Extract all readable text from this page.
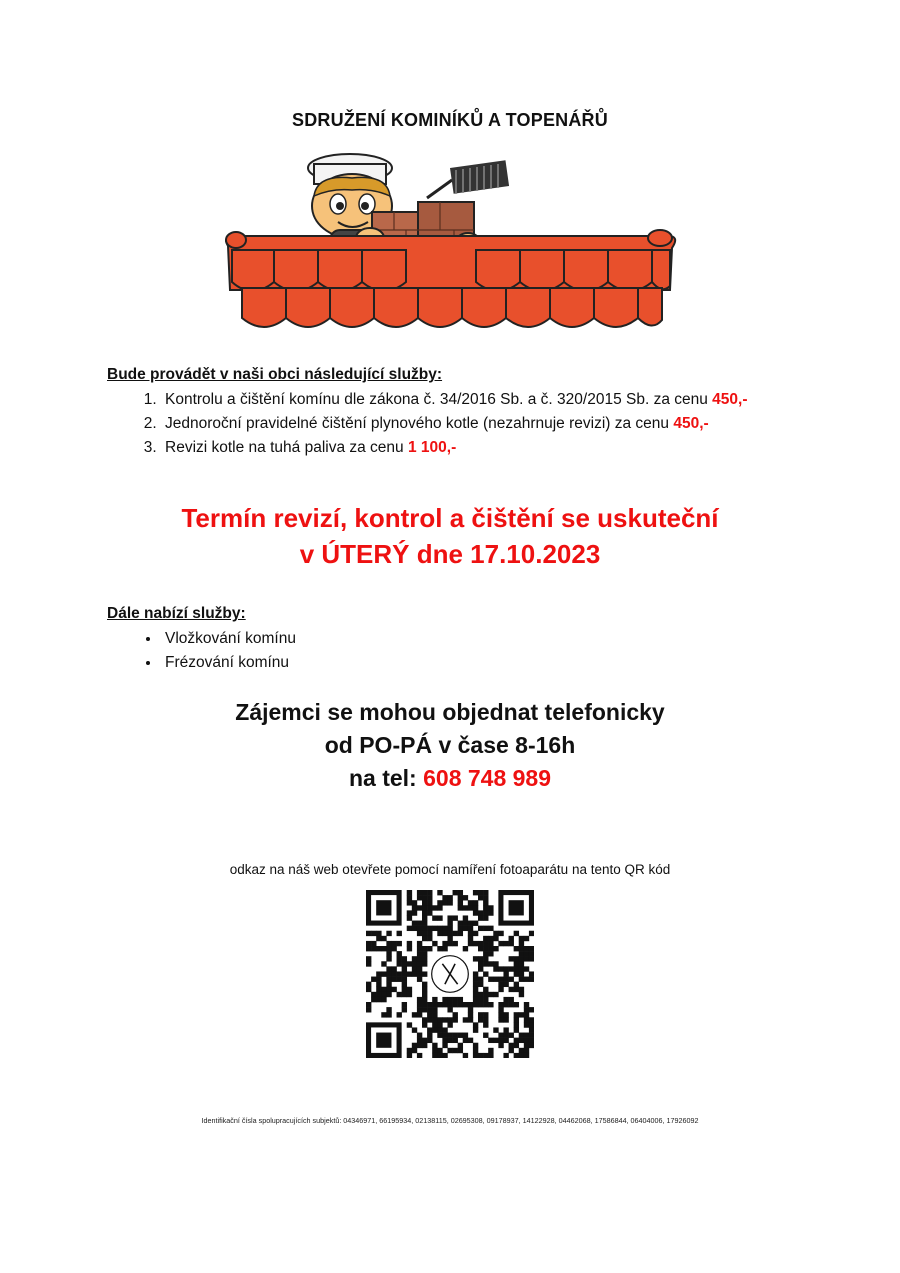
SDRUŽENÍ KOMINÍKŮ A TOPENÁŘŮ
Bude provádět v naši obci následující služby:
1. Kontrolu a čištění komínu dle zákona č. 34/2016 Sb. a č. 320/2015 Sb. za cenu 450,-
2. Jednoroční pravidelné čištění plynového kotle (nezahrnuje revizi) za cenu 450,-
3. Revizi kotle na tuhá paliva za cenu 1 100,-
Termín revizí, kontrol a čištění se uskuteční
v ÚTERÝ dne 17.10.2023
Dále nabízí služby:
• Vložkování komínu
• Frézování komínu
Zájemci se mohou objednat telefonicky
od PO-PÁ v čase 8-16h
na tel: 608 748 989
odkaz na náš web otevřete pomocí namíření fotoaparátu na tento QR kód
Identifikační čísla spolupracujících subjektů: 04346971, 66195934, 02138115, 02695308, 09178937, 14122928, 04462068, 17586844, 06404006, 17926092
